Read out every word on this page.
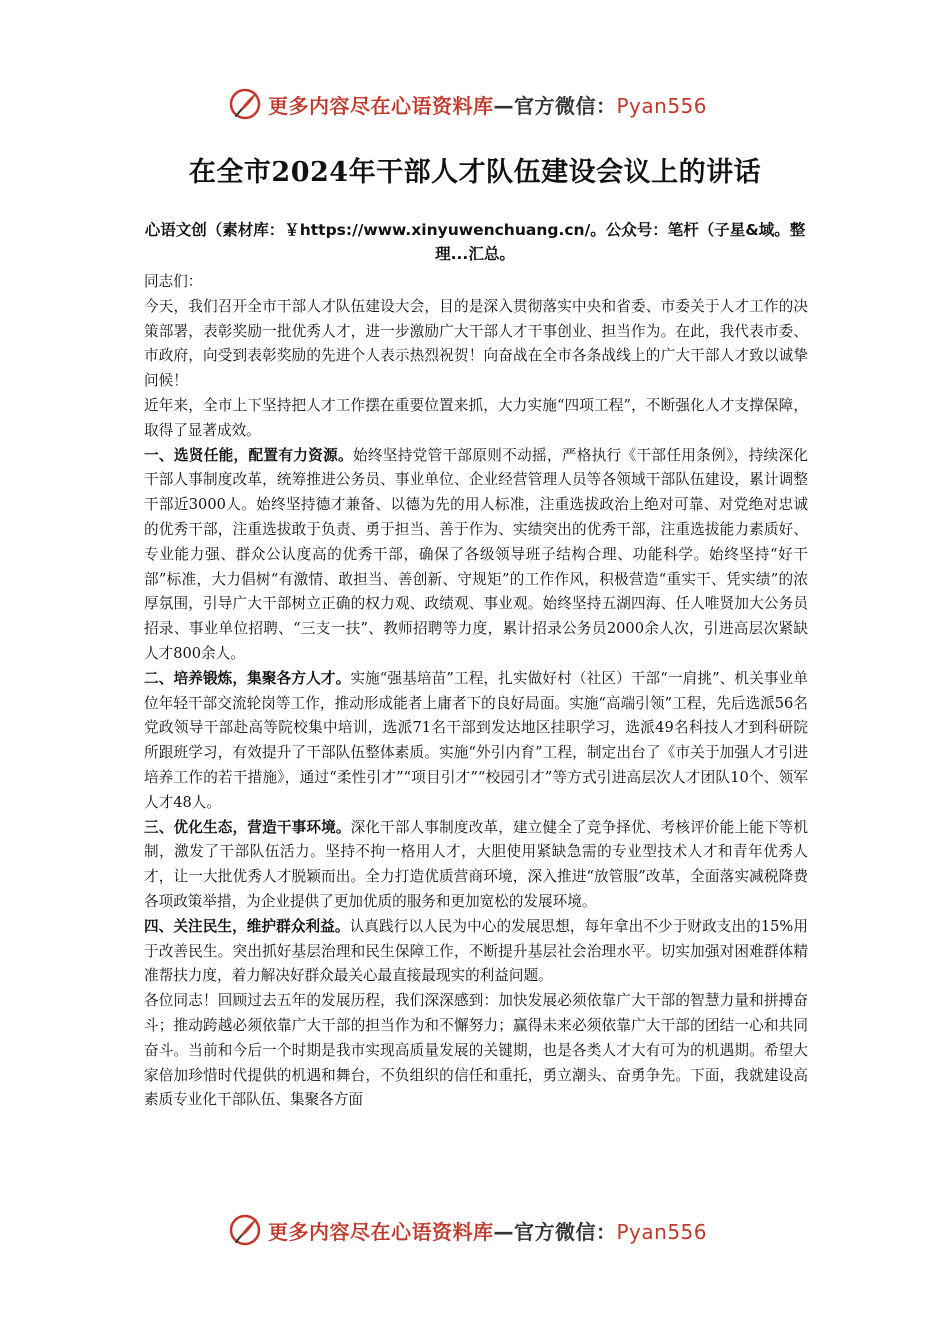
更多内容尽在心语资料库—官方微信：Pyan556
在全市2024年干部人才队伍建设会议上的讲话
心语文创（素材库：￥https://www.xinyuwenchuang.cn/。公众号：笔杆（子星&域。整理...汇总。

同志们：

今天，我们召开全市干部人才队伍建设大会，目的是深入贯彻落实中央和省委、市委关于人才工作的决策部署，表彰奖励一批优秀人才，进一步激励广大干部人才干事创业、担当作为。在此，我代表市委、市政府，向受到表彰奖励的先进个人表示热烈祝贺！向奋战在全市各条战线上的广大干部人才致以诚挚问候！

近年来，全市上下坚持把人才工作摆在重要位置来抓，大力实施“四项工程”，不断强化人才支撑保障，取得了显著成效。

一、选贤任能，配置有力资源。始终坚持党管干部原则不动摇，严格执行《干部任用条例》，持续深化干部人事制度改革，统筹推进公务员、事业单位、企业经营管理人员等各领域干部队伍建设，累计调整干部近3000人。始终坚持德才兼备、以德为先的用人标准，注重选拔政治上绝对可靠、对党绝对忠诚的优秀干部，注重选拔敢于负责、勇于担当、善于作为、实绩突出的优秀干部，注重选拔能力素质好、专业能力强、群众公认度高的优秀干部，确保了各级领导班子结构合理、功能科学。始终坚持“好干部”标准，大力倡树“有激情、敢担当、善创新、守规矩”的工作作风，积极营造“重实干、凭实绩”的浓厚氛围，引导广大干部树立正确的权力观、政绩观、事业观。始终坚持五湖四海、任人唯贤加大公务员招录、事业单位招聘、“三支一扶”、教师招聘等力度，累计招录公务员2000余人次，引进高层次紧缺人才800余人。

二、培养锻炼，集聚各方人才。实施“强基培苗”工程，扎实做好村（社区）干部“一肩挑”、机关事业单位年轻干部交流轮岗等工作，推动形成能者上庸者下的良好局面。实施“高端引领”工程，先后选派56名党政领导干部赴高等院校集中培训，选派71名干部到发达地区挂职学习，选派49名科技人才到科研院所跟班学习，有效提升了干部队伍整体素质。实施“外引内育”工程，制定出台了《市关于加强人才引进培养工作的若干措施》，通过“柔性引才”“项目引才”“校园引才”等方式引进高层次人才团队10个、领军人才48人。

三、优化生态，营造干事环境。深化干部人事制度改革，建立健全了竞争择优、考核评价能上能下等机制，激发了干部队伍活力。坚持不拘一格用人才，大胆使用紧缺急需的专业型技术人才和青年优秀人才，让一大批优秀人才脱颖而出。全力打造优质营商环境，深入推进“放管服”改革，全面落实减税降费各项政策举措，为企业提供了更加优质的服务和更加宽松的发展环境。

四、关注民生，维护群众利益。认真践行以人民为中心的发展思想，每年拿出不少于财政支出的15%用于改善民生。突出抓好基层治理和民生保障工作，不断提升基层社会治理水平。切实加强对困难群体精准帮扶力度，着力解决好群众最关心最直接最现实的利益问题。

各位同志！回顾过去五年的发展历程，我们深深感到：加快发展必须依靠广大干部的智慧力量和拼搏奋斗；推动跨越必须依靠广大干部的担当作为和不懈努力；赢得未来必须依靠广大干部的团结一心和共同奋斗。当前和今后一个时期是我市实现高质量发展的关键期，也是各类人才大有可为的机遇期。希望大家倍加珍惜时代提供的机遇和舞台，不负组织的信任和重托，勇立潮头、奋勇争先。下面，我就建设高素质专业化干部队伍、集聚各方面

更多内容尽在心语资料库—官方微信：Pyan556
